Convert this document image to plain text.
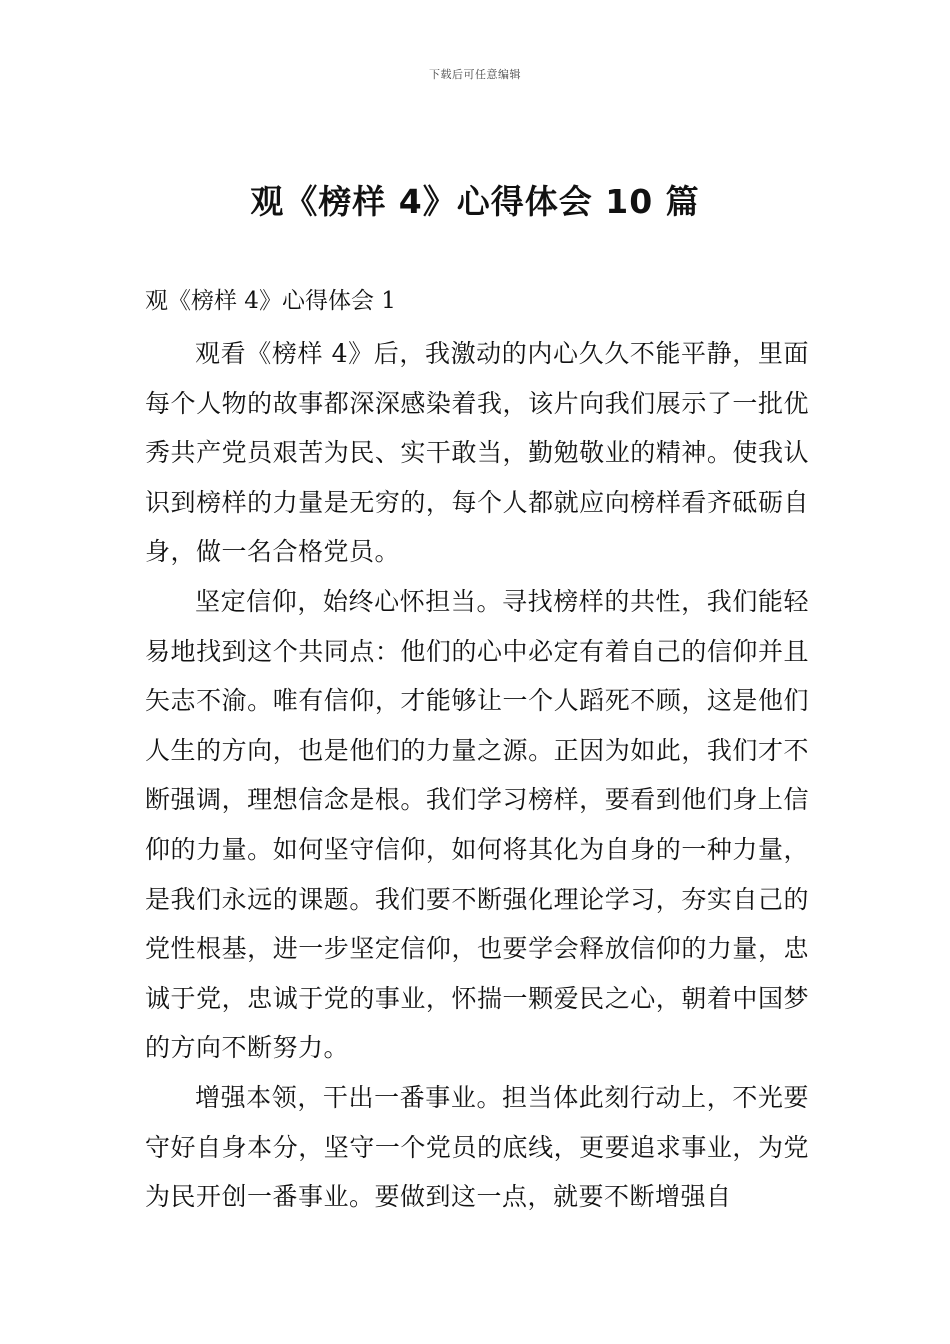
下载后可任意编辑
观《榜样 4》心得体会 10 篇

观《榜样 4》心得体会 1

观看《榜样 4》后，我激动的内心久久不能平静，里面每个人物的故事都深深感染着我，该片向我们展示了一批优秀共产党员艰苦为民、实干敢当，勤勉敬业的精神。使我认识到榜样的力量是无穷的，每个人都就应向榜样看齐砥砺自身，做一名合格党员。

坚定信仰，始终心怀担当。寻找榜样的共性，我们能轻易地找到这个共同点：他们的心中必定有着自己的信仰并且矢志不渝。唯有信仰，才能够让一个人蹈死不顾，这是他们人生的方向，也是他们的力量之源。正因为如此，我们才不断强调，理想信念是根。我们学习榜样，要看到他们身上信仰的力量。如何坚守信仰，如何将其化为自身的一种力量，是我们永远的课题。我们要不断强化理论学习，夯实自己的党性根基，进一步坚定信仰，也要学会释放信仰的力量，忠诚于党，忠诚于党的事业，怀揣一颗爱民之心，朝着中国梦的方向不断努力。

增强本领，干出一番事业。担当体此刻行动上，不光要守好自身本分，坚守一个党员的底线，更要追求事业，为党为民开创一番事业。要做到这一点，就要不断增强自
